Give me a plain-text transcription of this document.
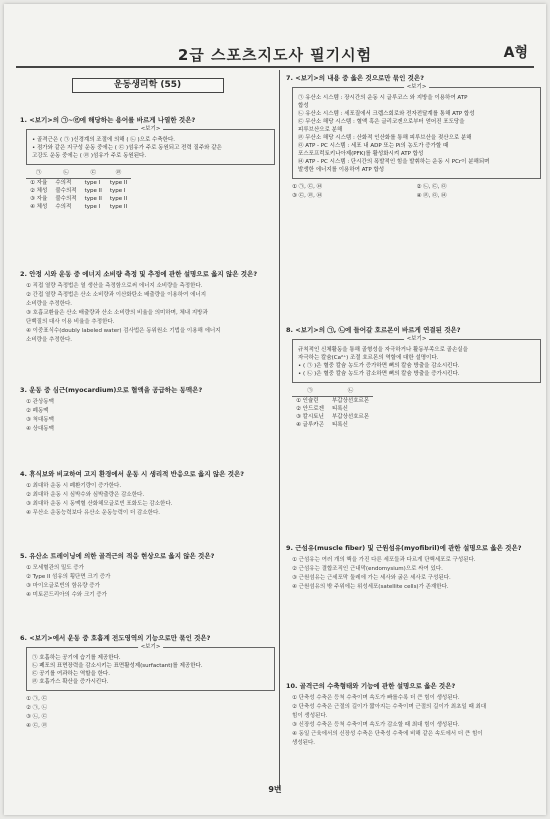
2급 스포츠지도사 필기시험	A형
운동생리학 (55)
1. <보기>의 ㉠~㉣에 해당하는 용어를 바르게 나열한 것은?
<보기>
• 골격근은 ( ㉠ )신경계의 조절에 의해 ( ㉡ )으로 수축한다.
• 점가와 같은 지구성 운동 중에는 ( ㉢ )섬유가 주로 동원되고 전력 질주와 같은
고강도 운동 중에는 ( ㉣ )섬유가 주로 동원된다.
㉠	㉡	㉢	㉣
① 자율	수의적	type I	type II
② 체성	불수의적	type II	type I
③ 자율	불수의적	type II	type II
④ 체성	수의적	type I	type II
2. 안정 시와 운동 중 에너지 소비량 측정 및 추정에 관한 설명으로 옳지 않은 것은?
① 직접 열량 측정법은 열 생산을 측정함으로써 에너지 소비량을 측정한다.
② 간접 열량 측정법은 산소 소비량과 이산화탄소 배출량을 이용하여 에너지
소비량을 추정한다.
③ 호흡교환율은 산소 배출량과 산소 소비량의 비율을 의미하며, 체내 지방과
단백질의 대사 이용 비율을 추정한다.
④ 이중표식수(doubly labeled water) 검사법은 동위원소 기법을 이용해 에너지
소비량을 추정한다.
3. 운동 중 심근(myocardium)으로 혈액을 공급하는 동맥은?
① 관상동맥
② 폐동맥
③ 척대동맥
④ 상대동맥
4. 휴식보와 비교하여 고지 환경에서 운동 시 생리적 반응으로 옳지 않은 것은?
① 최대하 운동 시 폐환기량이 증가한다.
② 최대하 운동 시 심박수와 심박출량은 감소한다.
③ 최대하 운동 시 동맥혈 산화헤모글로빈 포화도는 감소한다.
④ 무산소 운동능력보다 유산소 운동능력이 더 감소한다.
5. 유산소 트레이닝에 의한 골격근의 적응 현상으로 옳지 않은 것은?
① 모세혈관의 밀도 증가
② Type II 섬유의 횡단면 크기 증가
③ 마이오글로빈의 함유량 증가
④ 미토콘드리아의 수와 크기 증가
6. <보기>에서 운동 중 호흡계 전도영역의 기능으로만 묶인 것은?
<보기>
㉠ 호흡하는 공기에 습기를 제공한다.
㉡ 폐포의 표면장력을 감소시키는 표면활성제(surfactant)를 제공한다.
㉢ 공기를 여과하는 역할을 한다.
㉣ 호흡가스 확산을 증가시킨다.
① ㉠, ㉢
② ㉠, ㉡
③ ㉡, ㉢
④ ㉢, ㉣
7. <보기>의 내용 중 옳은 것으로만 묶인 것은?
<보기>
㉠ 유산소 시스템 : 장시간의 운동 시 글루코스 와 지방을 이용하여 ATP
합성
㉡ 유산소 시스템 : 세포질에서 크렙스회로와 전자전달계를 통해 ATP 합성
㉢ 무산소 해당 시스템 : 혈액 혹은 글리코겐으로부터 얻어진 포도당을
피루브산으로 분해
㉣ 무산소 해당 시스템 : 산화적 인산화를 통해 피루브산을 젖산으로 분해
㉤ ATP - PC 시스템 : 세포 내 ADP 또는 Pi의 농도가 증가할 때
포스포프럭토키나아제(PFK)를 활성화시켜 ATP 합성
㉥ ATP - PC 시스템 : 단시간의 폭발적인 힘을 발휘하는 운동 시 PCr이 분해되며
발생한 에너지를 이용하여 ATP 합성
① ㉠, ㉢, ㉥	② ㉡, ㉢, ㉤
③ ㉢, ㉣, ㉥	④ ㉣, ㉤, ㉥
8. <보기>의 ㉠, ㉡에 들어갈 호르몬이 바르게 연결된 것은?
<보기>
규칙적인 신체활동을 통해 골형성을 자극하거나 활동부족으로 골손실을
자극하는 칼슘(Ca²⁺) 조절 호르몬의 역할에 대한 설명이다.
• ( ㉠ )은 혈중 칼슘 농도가 증가하면 뼈의 칼슘 방출을 감소시킨다.
• ( ㉡ )은 혈중 칼슘 농도가 감소하면 뼈의 칼슘 방출을 증가시킨다.
㉠	㉡
① 인슐린	부갑상선호르몬
② 안드로겐	티록신
③ 칼시토닌	부갑상선호르몬
④ 글루카곤	티록신
9. 근섬유(muscle fiber) 및 근원섬유(myofibril)에 관한 설명으로 옳은 것은?
① 근섬유는 여러 개의 핵을 가진 다른 세포들과 다르게 단핵세포로 구성된다.
② 근섬유는 결합조직인 근내막(endomysium)으로 싸여 있다.
③ 근원섬유는 근세포막 둘레에 가는 세사와 굵은 세사로 구성된다.
④ 근원섬유의 밖 주위에는 위성세포(satellite cells)가 존재한다.
10. 골격근의 수축형태와 기능에 관한 설명으로 옳은 것은?
① 단축성 수축은 등척 수축이며 속도가 빠를수록 더 큰 힘이 생성된다.
② 단축성 수축은 근절의 길이가 짧아지는 수축이며 근절의 길이가 최초일 때 최대
힘이 생성된다.
③ 신장성 수축은 등척 수축이며 속도가 감소할 때 최대 힘이 생성된다.
④ 동일 근육에서의 신장성 수축은 단축성 수축에 비해 같은 속도에서 더 큰 힘이
생성된다.
9번
